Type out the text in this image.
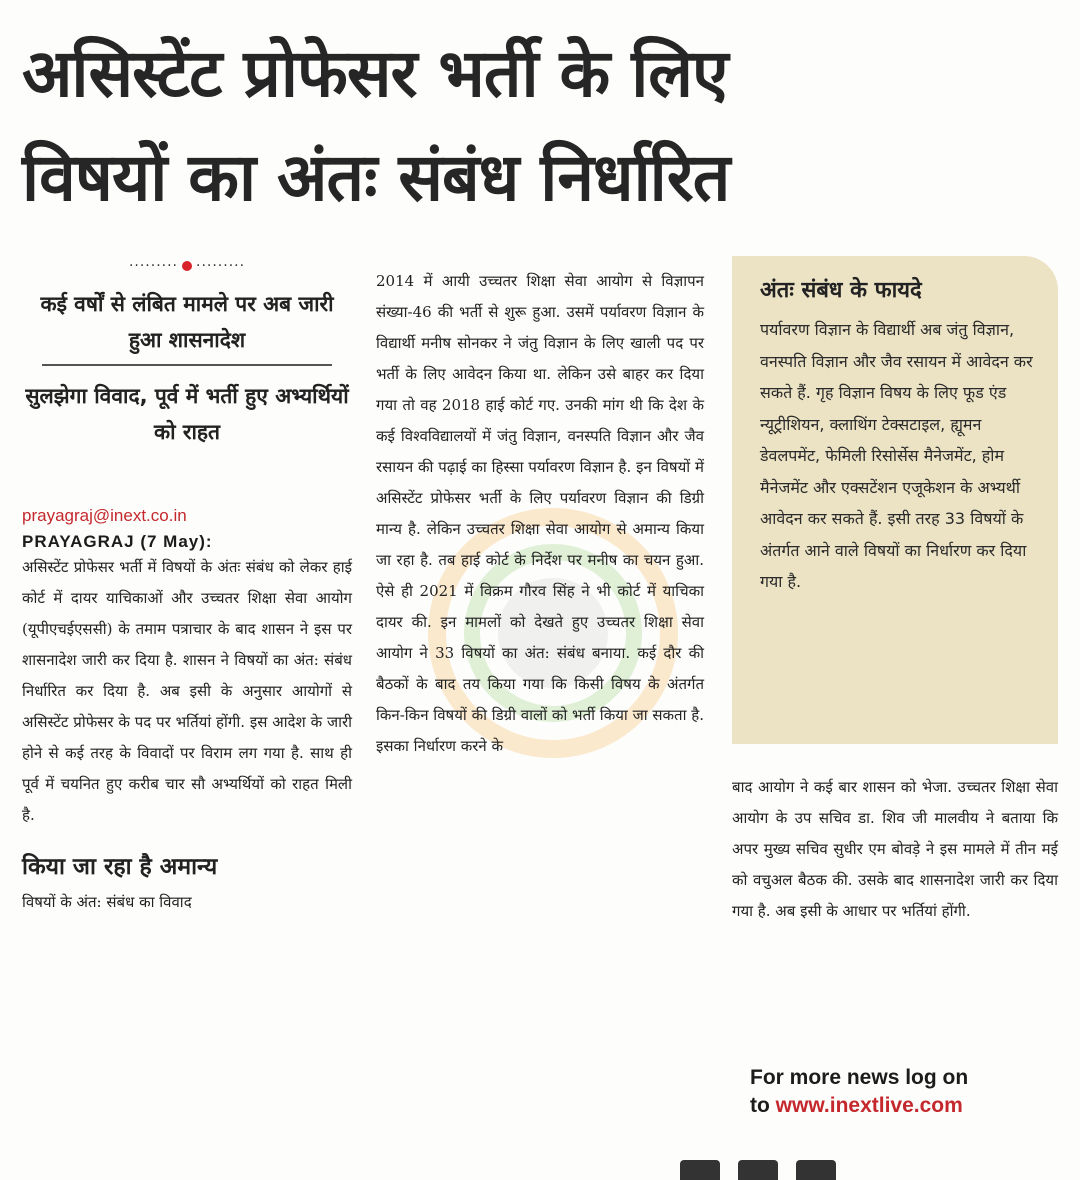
असिस्टेंट प्रोफेसर भर्ती के लिए
विषयों का अंतः संबंध निर्धारित
········· ·········
कई वर्षों से लंबित मामले पर अब जारी हुआ शासनादेश
सुलझेगा विवाद, पूर्व में भर्ती हुए अभ्यर्थियों को राहत
prayagraj@inext.co.in
PRAYAGRAJ (7 May):
असिस्टेंट प्रोफेसर भर्ती में विषयों के अंतः संबंध को लेकर हाई कोर्ट में दायर याचिकाओं और उच्चतर शिक्षा सेवा आयोग (यूपीएचईएससी) के तमाम पत्राचार के बाद शासन ने इस पर शासनादेश जारी कर दिया है. शासन ने विषयों का अंत: संबंध निर्धारित कर दिया है. अब इसी के अनुसार आयोगों से असिस्टेंट प्रोफेसर के पद पर भर्तियां होंगी. इस आदेश के जारी होने से कई तरह के विवादों पर विराम लग गया है. साथ ही पूर्व में चयनित हुए करीब चार सौ अभ्यर्थियों को राहत मिली है.
किया जा रहा है अमान्य
विषयों के अंत: संबंध का विवाद
2014 में आयी उच्चतर शिक्षा सेवा आयोग से विज्ञापन संख्या-46 की भर्ती से शुरू हुआ. उसमें पर्यावरण विज्ञान के विद्यार्थी मनीष सोनकर ने जंतु विज्ञान के लिए खाली पद पर भर्ती के लिए आवेदन किया था. लेकिन उसे बाहर कर दिया गया तो वह 2018 हाई कोर्ट गए. उनकी मांग थी कि देश के कई विश्वविद्यालयों में जंतु विज्ञान, वनस्पति विज्ञान और जैव रसायन की पढ़ाई का हिस्सा पर्यावरण विज्ञान है. इन विषयों में असिस्टेंट प्रोफेसर भर्ती के लिए पर्यावरण विज्ञान की डिग्री मान्य है. लेकिन उच्चतर शिक्षा सेवा आयोग से अमान्य किया जा रहा है. तब हाई कोर्ट के निर्देश पर मनीष का चयन हुआ. ऐसे ही 2021 में विक्रम गौरव सिंह ने भी कोर्ट में याचिका दायर की. इन मामलों को देखते हुए उच्चतर शिक्षा सेवा आयोग ने 33 विषयों का अंत: संबंध बनाया. कई दौर की बैठकों के बाद तय किया गया कि किसी विषय के अंतर्गत किन-किन विषयों की डिग्री वालों को भर्ती किया जा सकता है. इसका निर्धारण करने के
अंतः संबंध के फायदे

पर्यावरण विज्ञान के विद्यार्थी अब जंतु विज्ञान, वनस्पति विज्ञान और जैव रसायन में आवेदन कर सकते हैं. गृह विज्ञान विषय के लिए फूड एंड न्यूट्रीशियन, क्लाथिंग टेक्सटाइल, ह्यूमन डेवलपमेंट, फेमिली रिसोर्सेस मैनेजमेंट, होम मैनेजमेंट और एक्सटेंशन एजूकेशन के अभ्यर्थी आवेदन कर सकते हैं. इसी तरह 33 विषयों के अंतर्गत आने वाले विषयों का निर्धारण कर दिया गया है.

बाद आयोग ने कई बार शासन को भेजा. उच्चतर शिक्षा सेवा आयोग के उप सचिव डा. शिव जी मालवीय ने बताया कि अपर मुख्य सचिव सुधीर एम बोवड़े ने इस मामले में तीन मई को वचुअल बैठक की. उसके बाद शासनादेश जारी कर दिया गया है. अब इसी के आधार पर भर्तियां होंगी.
For more news log on
to www.inextlive.com
